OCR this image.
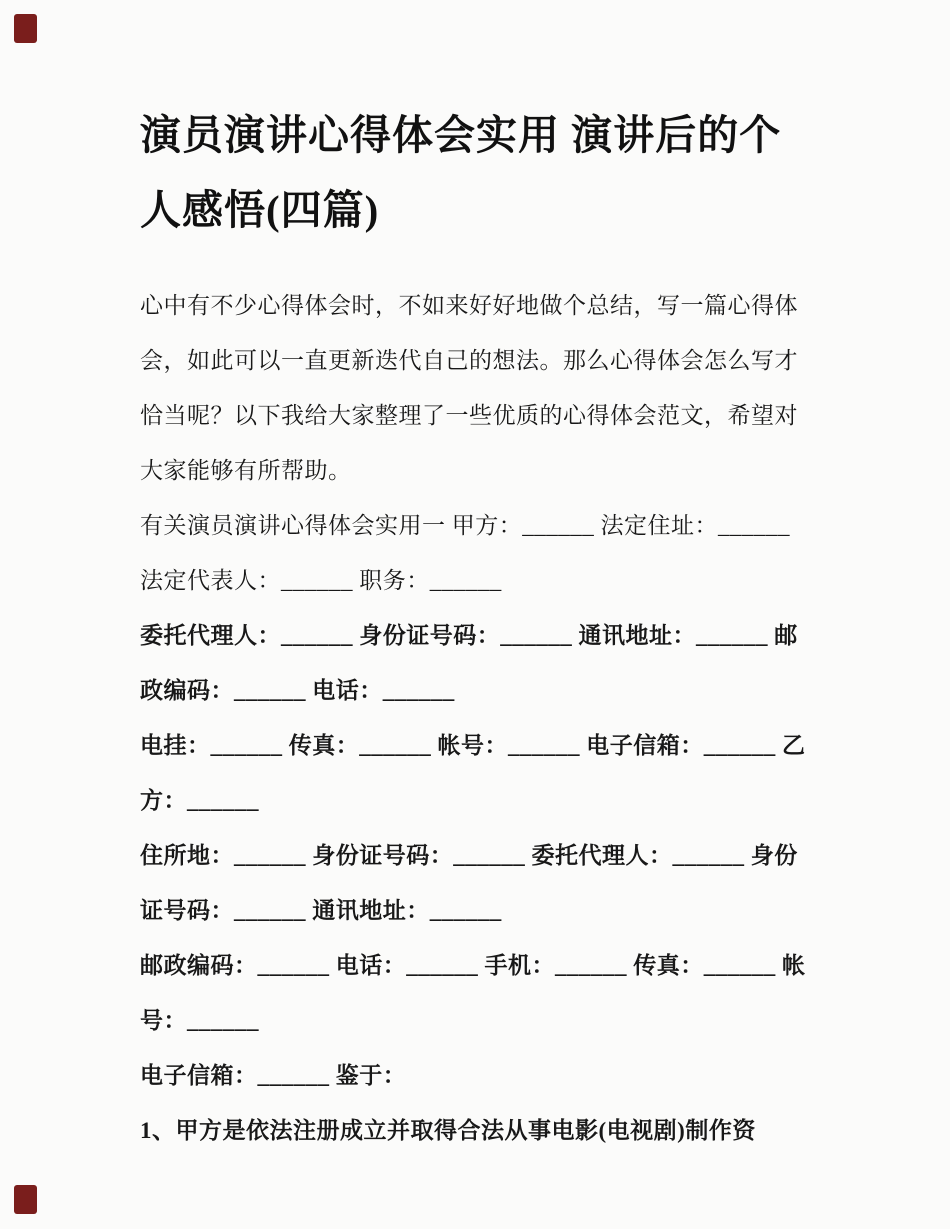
演员演讲心得体会实用 演讲后的个人感悟(四篇)

心中有不少心得体会时，不如来好好地做个总结，写一篇心得体会，如此可以一直更新迭代自己的想法。那么心得体会怎么写才恰当呢？以下我给大家整理了一些优质的心得体会范文，希望对大家能够有所帮助。

有关演员演讲心得体会实用一 甲方：______ 法定住址：______ 法定代表人：______ 职务：______

委托代理人：______ 身份证号码：______ 通讯地址：______ 邮政编码：______ 电话：______

电挂：______ 传真：______ 帐号：______ 电子信箱：______ 乙方：______

住所地：______ 身份证号码：______ 委托代理人：______ 身份证号码：______ 通讯地址：______

邮政编码：______ 电话：______ 手机：______ 传真：______ 帐号：______

电子信箱：______ 鉴于：

1、甲方是依法注册成立并取得合法从事电影(电视剧)制作资
